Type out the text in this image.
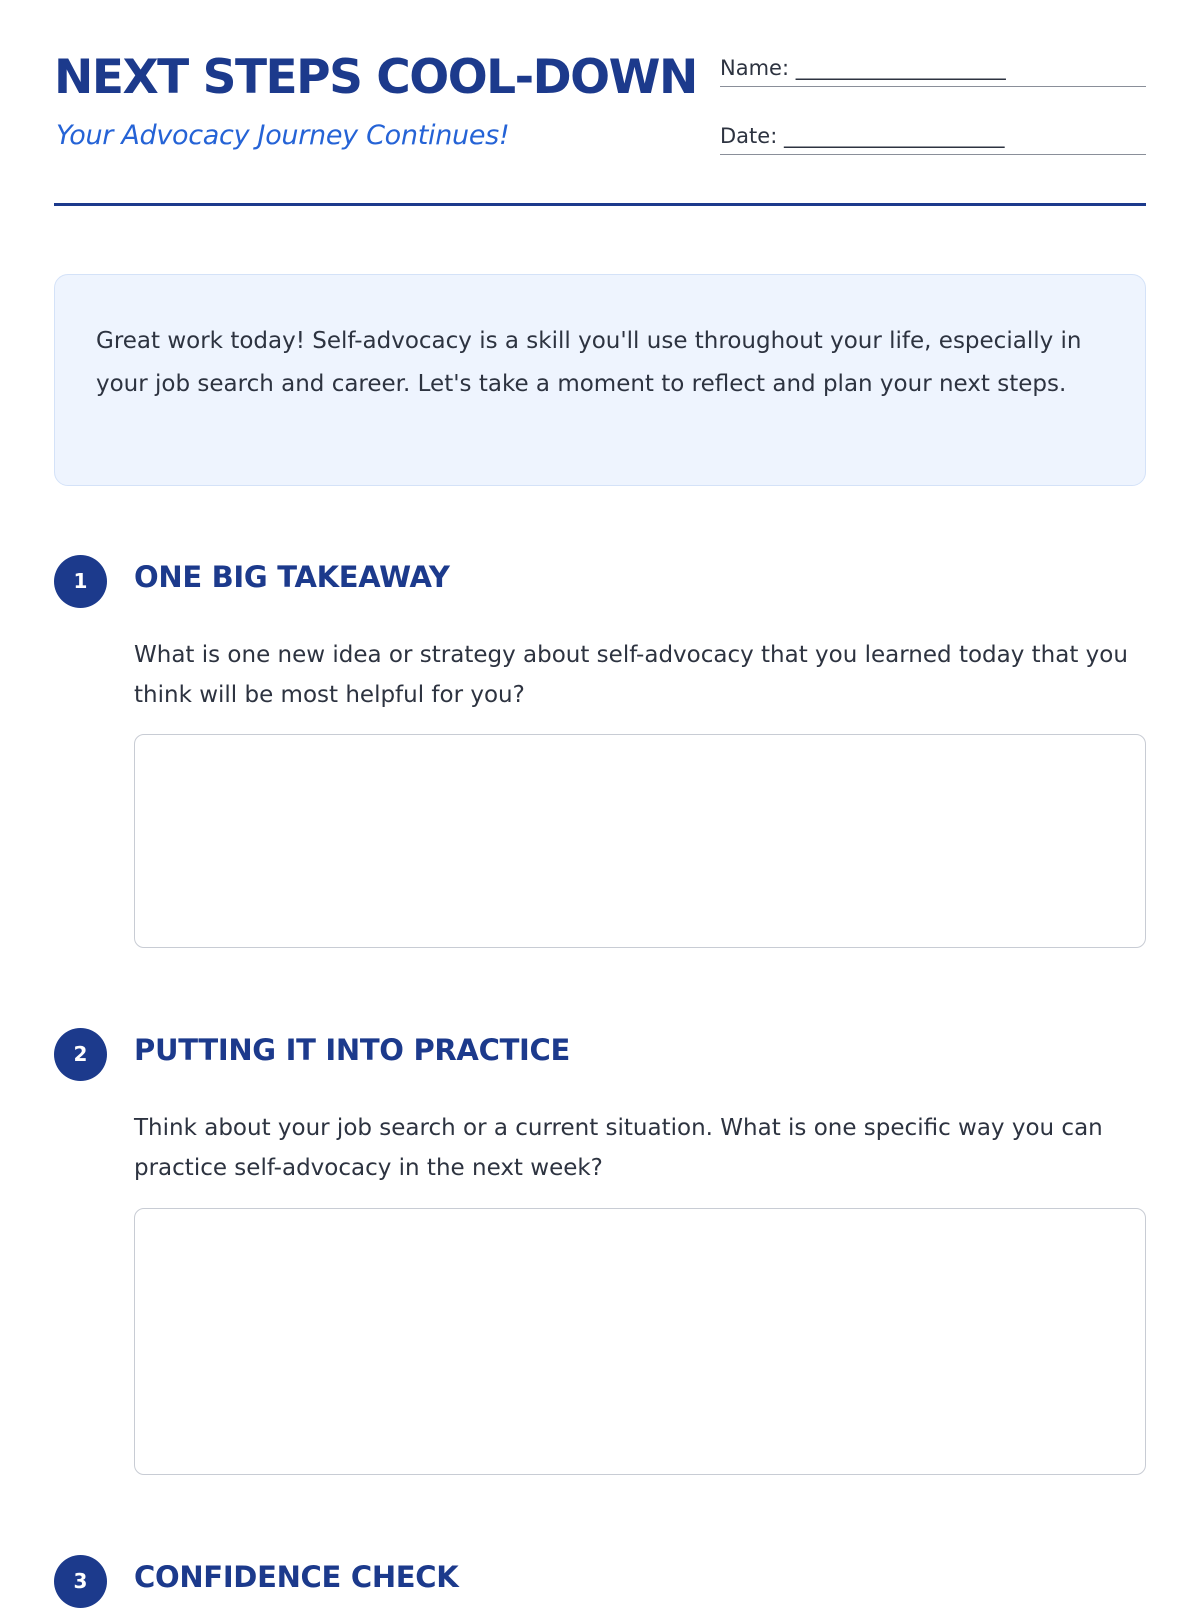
NEXT STEPS COOL-DOWN
Your Advocacy Journey Continues!
Name: ____________________
Date: _____________________
Great work today! Self-advocacy is a skill you'll use throughout your life, especially in your job search and career. Let's take a moment to reflect and plan your next steps.
1	ONE BIG TAKEAWAY

What is one new idea or strategy about self-advocacy that you learned today that you think will be most helpful for you?

2	PUTTING IT INTO PRACTICE

Think about your job search or a current situation. What is one specific way you can practice self-advocacy in the next week?

3	CONFIDENCE CHECK
